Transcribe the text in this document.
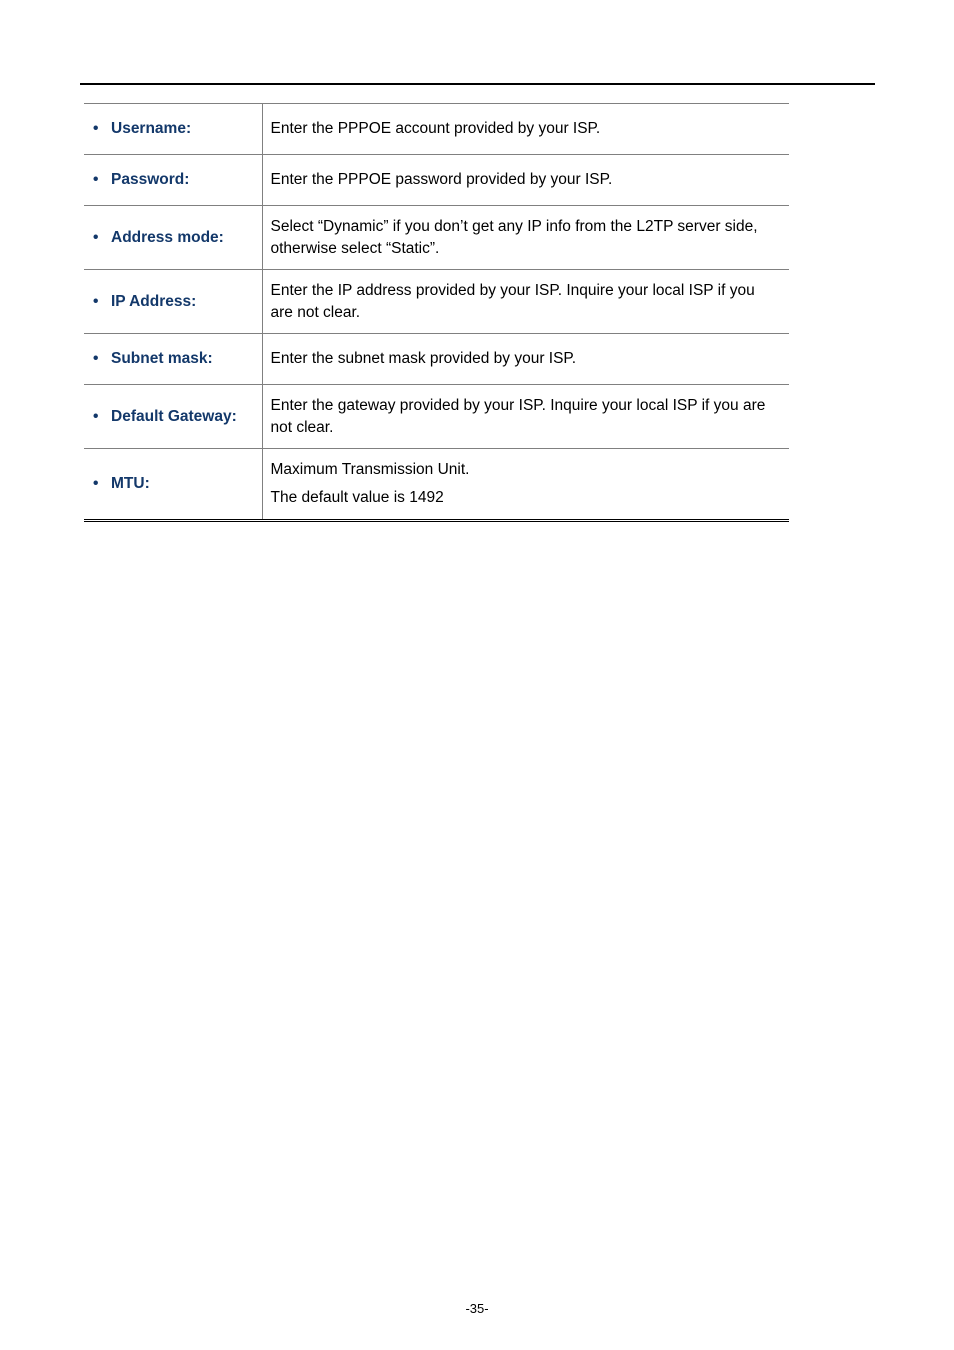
• Username:	Enter the PPPOE account provided by your ISP.
• Password:	Enter the PPPOE password provided by your ISP.
• Address mode:	Select “Dynamic” if you don’t get any IP info from the L2TP server side, otherwise select “Static”.
• IP Address:	Enter the IP address provided by your ISP. Inquire your local ISP if you are not clear.
• Subnet mask:	Enter the subnet mask provided by your ISP.
• Default Gateway:	Enter the gateway provided by your ISP. Inquire your local ISP if you are not clear.
• MTU:	Maximum Transmission Unit.
The default value is 1492
-35-
